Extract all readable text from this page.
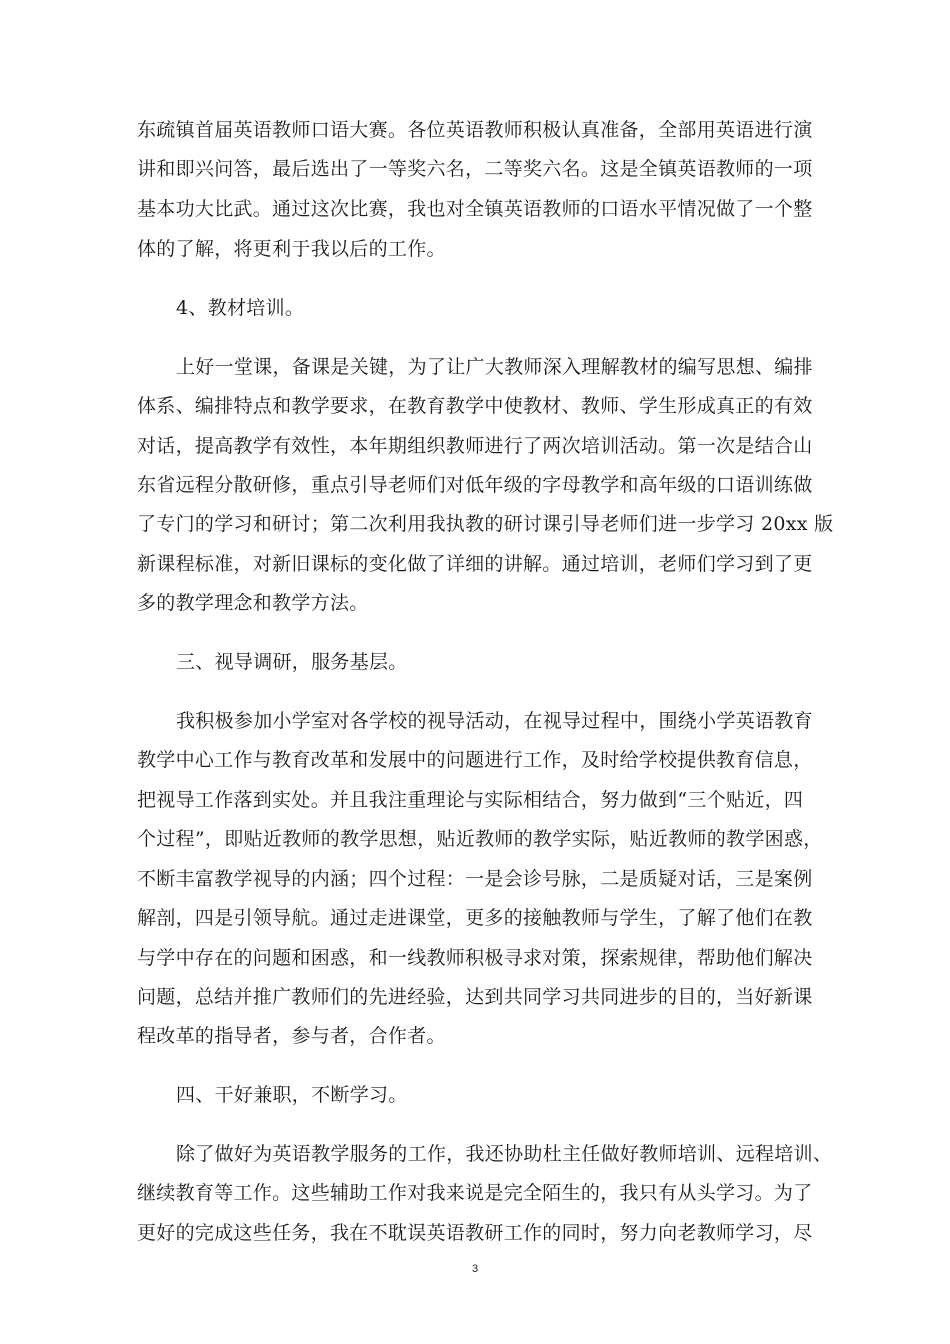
东疏镇首届英语教师口语大赛。各位英语教师积极认真准备，全部用英语进行演
讲和即兴问答，最后选出了一等奖六名，二等奖六名。这是全镇英语教师的一项
基本功大比武。通过这次比赛，我也对全镇英语教师的口语水平情况做了一个整
体的了解，将更利于我以后的工作。
4、教材培训。
上好一堂课，备课是关键，为了让广大教师深入理解教材的编写思想、编排
体系、编排特点和教学要求，在教育教学中使教材、教师、学生形成真正的有效
对话，提高教学有效性，本年期组织教师进行了两次培训活动。第一次是结合山
东省远程分散研修，重点引导老师们对低年级的字母教学和高年级的口语训练做
了专门的学习和研讨；第二次利用我执教的研讨课引导老师们进一步学习 20xx 版
新课程标准，对新旧课标的变化做了详细的讲解。通过培训，老师们学习到了更
多的教学理念和教学方法。
三、视导调研，服务基层。
我积极参加小学室对各学校的视导活动，在视导过程中，围绕小学英语教育
教学中心工作与教育改革和发展中的问题进行工作，及时给学校提供教育信息，
把视导工作落到实处。并且我注重理论与实际相结合，努力做到“三个贴近，四
个过程”，即贴近教师的教学思想，贴近教师的教学实际，贴近教师的教学困惑，
不断丰富教学视导的内涵；四个过程：一是会诊号脉，二是质疑对话，三是案例
解剖，四是引领导航。通过走进课堂，更多的接触教师与学生，了解了他们在教
与学中存在的问题和困惑，和一线教师积极寻求对策，探索规律，帮助他们解决
问题，总结并推广教师们的先进经验，达到共同学习共同进步的目的，当好新课
程改革的指导者，参与者，合作者。
四、干好兼职，不断学习。
除了做好为英语教学服务的工作，我还协助杜主任做好教师培训、远程培训、
继续教育等工作。这些辅助工作对我来说是完全陌生的，我只有从头学习。为了
更好的完成这些任务，我在不耽误英语教研工作的同时，努力向老教师学习，尽
3
